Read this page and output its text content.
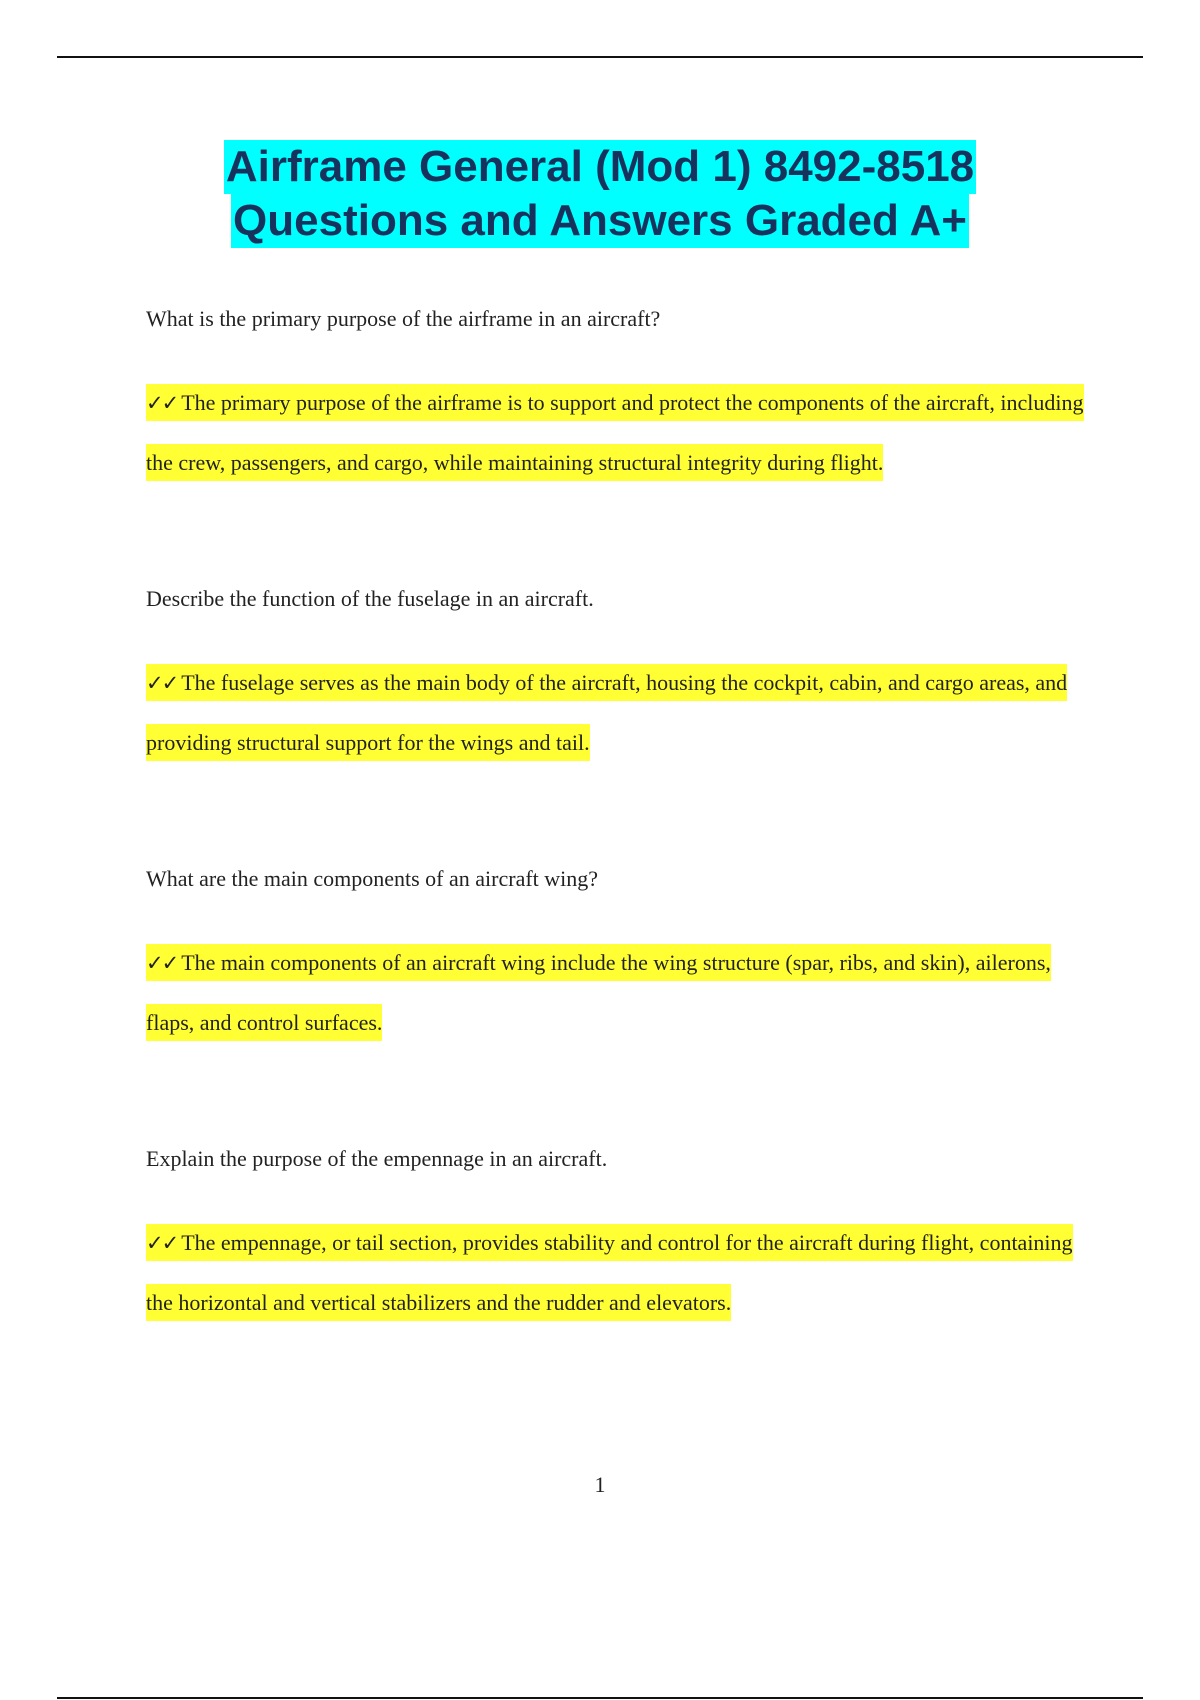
Airframe General (Mod 1) 8492-8518
Questions and Answers Graded A+

What is the primary purpose of the airframe in an aircraft?

✓✓ The primary purpose of the airframe is to support and protect the components of the aircraft, including the crew, passengers, and cargo, while maintaining structural integrity during flight.

Describe the function of the fuselage in an aircraft.

✓✓ The fuselage serves as the main body of the aircraft, housing the cockpit, cabin, and cargo areas, and providing structural support for the wings and tail.

What are the main components of an aircraft wing?

✓✓ The main components of an aircraft wing include the wing structure (spar, ribs, and skin), ailerons, flaps, and control surfaces.

Explain the purpose of the empennage in an aircraft.

✓✓ The empennage, or tail section, provides stability and control for the aircraft during flight, containing the horizontal and vertical stabilizers and the rudder and elevators.

1
